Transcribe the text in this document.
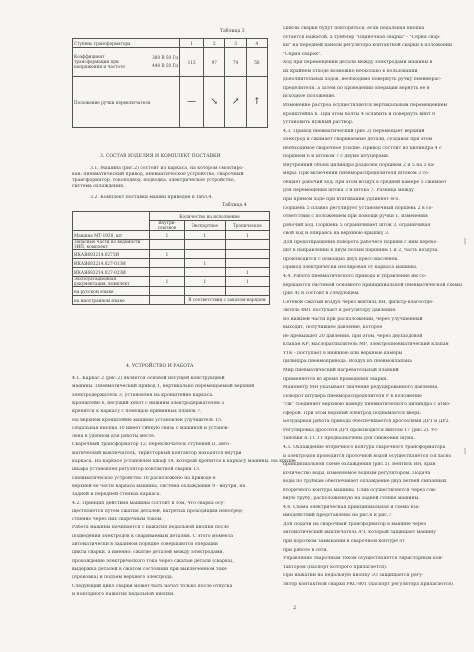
Таблица 3
Ступень трансформатора	1	2	3	4

Коэффициент трансформации при напряжении и частоте
380 В 50 Гц
440 В 50 Гц	113	97	74	56
Положение ручки переключателя	—	↘	↗	↑
3. СОСТАВ ИЗДЕЛИЯ И КОМПЛЕКТ ПОСТАВКИ
3.1. Машина (рис.2) состоит из каркаса, на котором смонтиро-
ван: пневматический привод, пневматическое устройство, сварочный
трансформатор, токоподвод, подводка, электрическое устройство,
система охлаждения.
3.2. Комплект поставки машин приведен в табл.4.
Таблица 4
	Количество на исполнение		
	Внутри-союзное	Экспортное	Тропическое
Машина МТ-1928, шт	1	1	1
Запасные части по ведомости ЗИП, комплект			
ИКАЯ683214.027ЗИ	1		
ИКАЯ683214.027-01ЗИ		1	
ИКАЯ683214.027-02ЗИ			1
Эксплуатационная документация, комплект	1	1	1
на русском языке			
на иностранном языке		В соответствии с заказом-нарядом	
4. УСТРОЙСТВО И РАБОТА
4.1. Каркас 2 (рис.2) является основой несущей конструкцией
машины. Пневматический привод 1, вертикально перемещаемый верхний
электродержатель 3, установлен на кронштейне каркаса.
Кронштейн 6, несущий хобот с нижним электродержателем 5
крепится к каркасу с помощью привинных планок 7.
На верхнем кронштейне машины установлен улучшитель 15.
Педальная кнопка 10 имеет гибкую связь с машиной и установ-
лена в удобном для работы месте.
Сварочный трансформатор 12, переключатель ступеней II, авто-
матический выключатель, тиристорный контактор находятся внутри
каркаса. На каркасе установлен шкаф 14, который крепится к каркасу машины. На крыше
шкафа установлен регулятор контактной сварки 13.
Пневматическое устройство 16 расположено на приводе в
верхней ее части каркаса машины, система охлаждения 9 - внутри, на
задней и передней стенках каркаса.
4.2. Принцип действия машины состоит в том, что сварка осу-
ществляется путем сжатия деталей, нагретых проходящим непосред-
ственно через них сварочным током.
Работа машины начинается с нажатия педальной кнопки после
подведения электродов к свариваемым деталям. С этого момента
автоматически в заданном порядке совершаются операции
цикла сварки, а именно: сжатие деталей между электродами,
прохождение электрического тока через сжатые детали (сварка),
выдержка деталей в сжатом состоянии при выключенном токе
(проковка) и подъем верхнего электрода.
Следующий цикл сварки может быть начат только после отпуска
и повторного нажатия педальной кнопки.
Циклы сварки будут повторяться, если педальная кнопка
остается нажатой, а тумблер "Одиночная сварка" - "Серия свар-
ки" на передней панели регулятора контактной сварки в положении
"Серия сварок".
Ход при перемещении детали между электродами машины в
их крайнем отходе возможно несколько в пользовании
дополнительных ходов, необходимо повернуть ручку пневморас-
пределителя, а затем по проведении операции вернуть ее в
исходное положение.
Изменение растроа осуществляется вертикальным перемещением
кронштейна 6. При этом болты 4 ослабить и повернуть винт 8
установить нужный раствор.
4.3. Привод пневматический (рис.3) перемещает верхний
электрод и сжимает свариваемые детали, создавая при этом
необходимое сварочное усилие. Привод состоит из цилиндра 4 с
поршнем 6 и штоком 7 с двумя штуцерами.
Внутренний объем цилиндра разделен поршнем 2 и 5 на 3 ка-
меры. При включении пневмораспределителя штоком 3 со-
общает рабочий ход; при этом воздух в средней камере 5 сжимает
для перемещения штока 3 и штока 7. Разница между
при прямом ходе при втягивании удлиняет его.
Поршень 5 плавно регулирует установочный поршень 2 в со-
ответствии с положением при помощи ручки 1, изменения
рабочий ход. Поршень 5 ограничивает шток 3, ограничивая
свой ход и опираясь на верхнюю крышку 3.
Для предотвращения поворота рабочего поршня с ним перехо-
дит в направлении к двум полым поршням 1 и 2, часть воздуха
производится с помощью двух пресс-масленок.
Привод электрически изолирован от каркаса машины.
4.4. Работа пневматического привода и управление им со-
вершаются системой основного принципиальной пневматической схемы
(рис.4) и состоит в следующем.
Сетевой сжатый воздух через вентиль ВН, фильтр-влагоотде-
литель ФВ1 поступает к регулятору давления.
Во нижней части при расположении, через улучшенный
выходит, получившее давление, которое
не превышает 20 давления, при этом, через двухходовой
клапан КР, маслораспылитель МР, электропневматический клапан
Y1К - поступает в нижнюю или верхнюю камеры
цилиндра пневмопривода. Воздух из пневмоклапана
Мир пневматический нагревательный плавкий
применяется во время проведения сварки.
Манометр МН указывает значение редуцированного давления.
Поворот штуцера пневмораспределителя Р в положение
"сж" соединяет верхнюю камеру пневматического цилиндра с атмо-
сферой. При этом верхний электрод поднимается вверх.
Безударная работа привода обеспечивается дросселями ДР1 и ДР2.
Регулировка дросселя ДР1 производится винтом 17 (рис.2). Ус-
тановки II.ТТ.ТТ предназначены для снижения шума.
4.5. Охлаждение вторичного контура сварочного трансформатора
и электродов проводится проточной водой осуществляется согласно
принципиальной схеме охлаждения (рис.5). Вентиль ВН, кран
количество воды, изменяемое водным регулятором. Подача
воды по трубкам обеспечивает охлаждение двух ветвей связанных
вторичного контура машины. Слив осуществляется через сли-
вную трубу, расположенную на задней стенке машины.
4.6. Схема электрическая принципиальная и схема вза-
имодействий представлены на рис.6 и рис.7.
Для подачи на сварочный трансформатор в машине через
автоматический выключатель АЧ, который защищает машину
при коротком замыкании в сварочном контуре от
при работе в сети.
Управление сварочным током осуществляется тиристорным кон-
тактором (паспорт которого прилагается).
При нажатии на педальную кнопку ЭЗ защищается регу-
лятор контактной сварки РКС-801 (паспорт регулятора прилагается).
2
|
|
